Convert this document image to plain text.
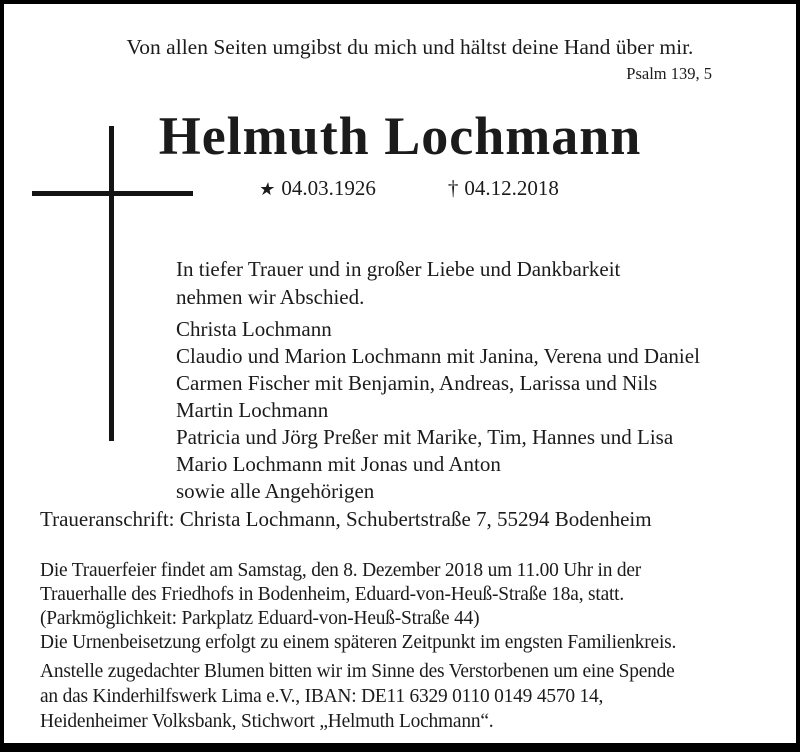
Von allen Seiten umgibst du mich und hältst deine Hand über mir.
Psalm 139, 5
Helmuth Lochmann
★ 04.03.1926	† 04.12.2018
In tiefer Trauer und in großer Liebe und Dankbarkeit
nehmen wir Abschied.
Christa Lochmann
Claudio und Marion Lochmann mit Janina, Verena und Daniel
Carmen Fischer mit Benjamin, Andreas, Larissa und Nils
Martin Lochmann
Patricia und Jörg Preßer mit Marike, Tim, Hannes und Lisa
Mario Lochmann mit Jonas und Anton
sowie alle Angehörigen
Traueranschrift: Christa Lochmann, Schubertstraße 7, 55294 Bodenheim
Die Trauerfeier findet am Samstag, den 8. Dezember 2018 um 11.00 Uhr in der
Trauerhalle des Friedhofs in Bodenheim, Eduard-von-Heuß-Straße 18a, statt.
(Parkmöglichkeit: Parkplatz Eduard-von-Heuß-Straße 44)
Die Urnenbeisetzung erfolgt zu einem späteren Zeitpunkt im engsten Familienkreis.
Anstelle zugedachter Blumen bitten wir im Sinne des Verstorbenen um eine Spende
an das Kinderhilfswerk Lima e.V., IBAN: DE11 6329 0110 0149 4570 14,
Heidenheimer Volksbank, Stichwort „Helmuth Lochmann“.
